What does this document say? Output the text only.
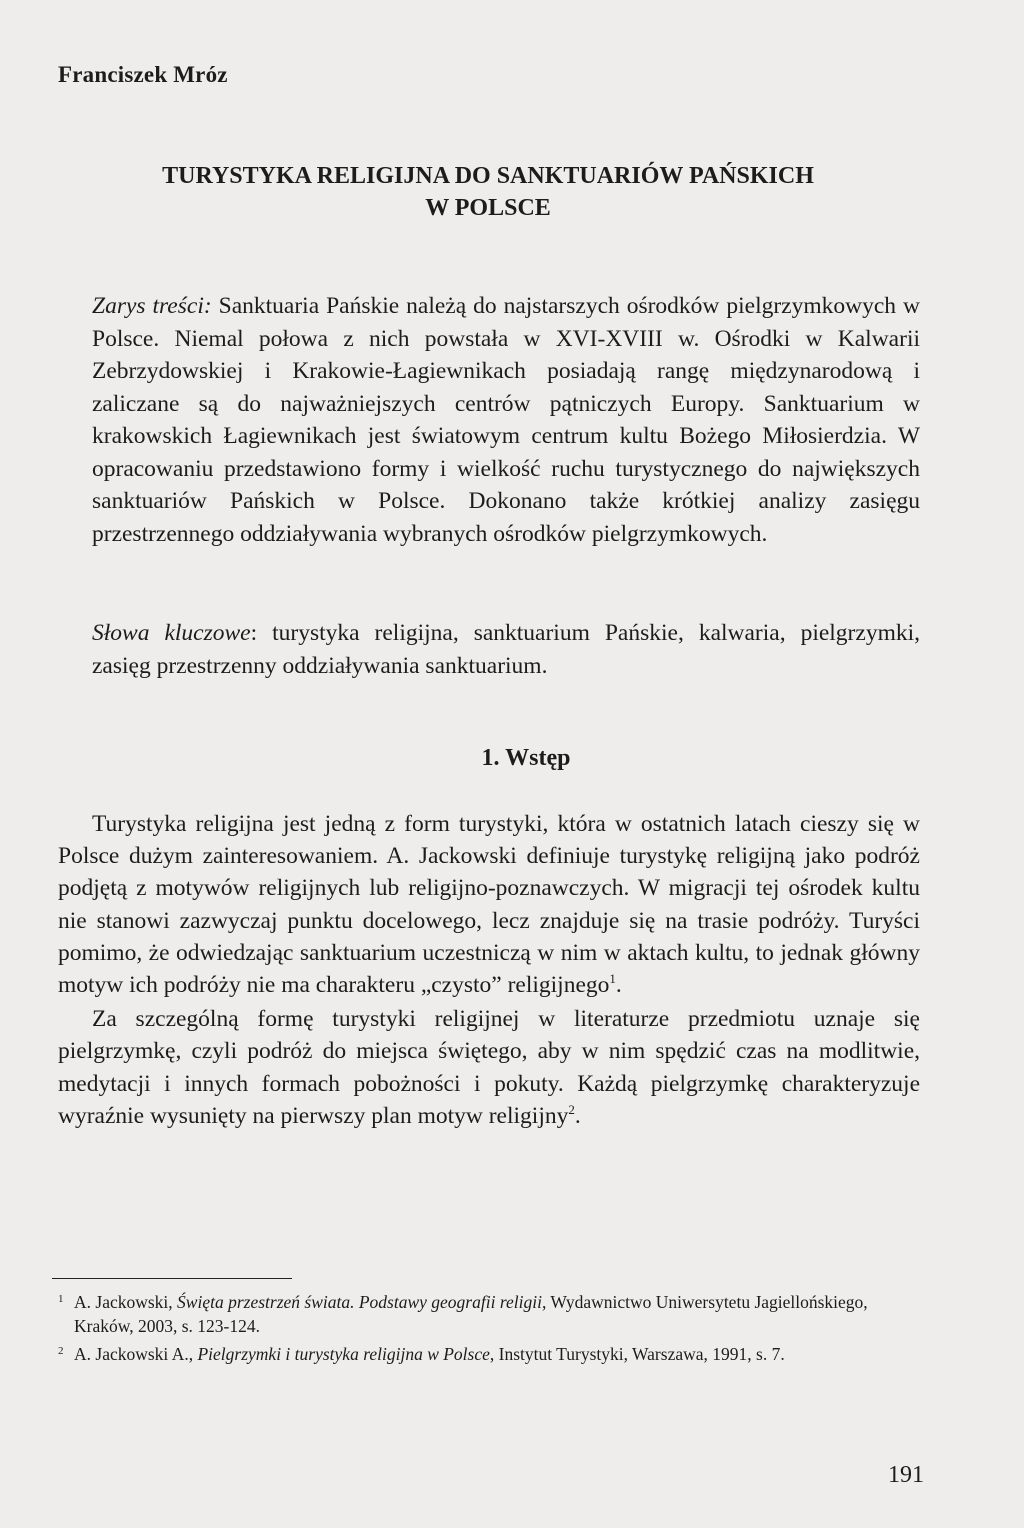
Franciszek Mróz
TURYSTYKA RELIGIJNA DO SANKTUARIÓW PAŃSKICH
W POLSCE
Zarys treści: Sanktuaria Pańskie należą do najstarszych ośrodków pielgrzymkowych w Polsce. Niemal połowa z nich powstała w XVI-XVIII w. Ośrodki w Kalwarii Zebrzydowskiej i Krakowie-Łagiewnikach posiadają rangę międzynarodową i zaliczane są do najważniejszych centrów pątniczych Europy. Sanktuarium w krakowskich Łagiewnikach jest światowym centrum kultu Bożego Miłosierdzia. W opracowaniu przedstawiono formy i wielkość ruchu turystycznego do największych sanktuariów Pańskich w Polsce. Dokonano także krótkiej analizy zasięgu przestrzennego oddziaływania wybranych ośrodków pielgrzymkowych.
Słowa kluczowe: turystyka religijna, sanktuarium Pańskie, kalwaria, pielgrzymki, zasięg przestrzenny oddziaływania sanktuarium.
1. Wstęp

Turystyka religijna jest jedną z form turystyki, która w ostatnich latach cieszy się w Polsce dużym zainteresowaniem. A. Jackowski definiuje turystykę religijną jako podróż podjętą z motywów religijnych lub religijno-poznawczych. W migracji tej ośrodek kultu nie stanowi zazwyczaj punktu docelowego, lecz znajduje się na trasie podróży. Turyści pomimo, że odwiedzając sanktuarium uczestniczą w nim w aktach kultu, to jednak główny motyw ich podróży nie ma charakteru „czysto” religijnego$^1$.

Za szczególną formę turystyki religijnej w literaturze przedmiotu uznaje się pielgrzymkę, czyli podróż do miejsca świętego, aby w nim spędzić czas na modlitwie, medytacji i innych formach pobożności i pokuty. Każdą pielgrzymkę charakteryzuje wyraźnie wysunięty na pierwszy plan motyw religijny$^2$.

1 A. Jackowski, Święta przestrzeń świata. Podstawy geografii religii, Wydawnictwo Uniwersytetu Jagiellońskiego, Kraków, 2003, s. 123-124.
2 A. Jackowski A., Pielgrzymki i turystyka religijna w Polsce, Instytut Turystyki, Warszawa, 1991, s. 7.
191
